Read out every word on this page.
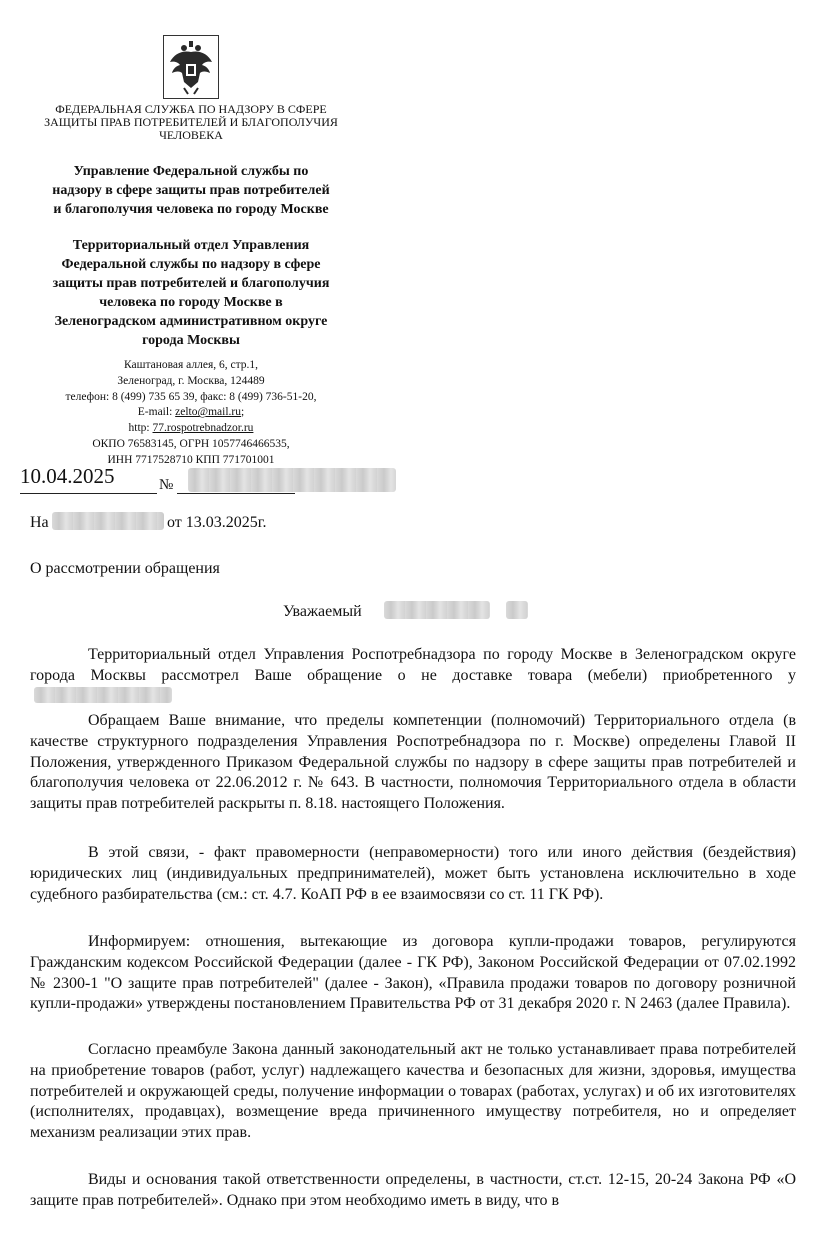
ФЕДЕРАЛЬНАЯ СЛУЖБА ПО НАДЗОРУ В СФЕРЕ
ЗАЩИТЫ ПРАВ ПОТРЕБИТЕЛЕЙ И БЛАГОПОЛУЧИЯ
ЧЕЛОВЕКА
Управление Федеральной службы по
надзору в сфере защиты прав потребителей
и благополучия человека по городу Москве
Территориальный отдел Управления
Федеральной службы по надзору в сфере
защиты прав потребителей и благополучия
человека по городу Москве в
Зеленоградском административном округе
города Москвы
Каштановая аллея, 6, стр.1,
Зеленоград, г. Москва, 124489
телефон: 8 (499) 735 65 39, факс: 8 (499) 736-51-20,
E-mail: zelto@mail.ru;
http: 77.rospotrebnadzor.ru
ОКПО 76583145, ОГРН 1057746466535,
ИНН 7717528710 КПП 771701001
10.04.2025	№
На	от 13.03.2025г.
О рассмотрении обращения
Уважаемый
Территориальный отдел Управления Роспотребнадзора по городу Москве в Зеленоградском округе города Москвы рассмотрел Ваше обращение о не доставке товара (мебели) приобретенного у
Обращаем Ваше внимание, что пределы компетенции (полномочий) Территориального отдела (в качестве структурного подразделения Управления Роспотребнадзора по г. Москве) определены Главой II Положения, утвержденного Приказом Федеральной службы по надзору в сфере защиты прав потребителей и благополучия человека от 22.06.2012 г. № 643. В частности, полномочия Территориального отдела в области защиты прав потребителей раскрыты п. 8.18. настоящего Положения.
В этой связи, - факт правомерности (неправомерности) того или иного действия (бездействия) юридических лиц (индивидуальных предпринимателей), может быть установлена исключительно в ходе судебного разбирательства (см.: ст. 4.7. КоАП РФ в ее взаимосвязи со ст. 11 ГК РФ).
Информируем: отношения, вытекающие из договора купли-продажи товаров, регулируются Гражданским кодексом Российской Федерации (далее - ГК РФ), Законом Российской Федерации от 07.02.1992 № 2300-1 "О защите прав потребителей" (далее - Закон), «Правила продажи товаров по договору розничной купли-продажи» утверждены постановлением Правительства РФ от 31 декабря 2020 г. N 2463 (далее Правила).
Согласно преамбуле Закона данный законодательный акт не только устанавливает права потребителей на приобретение товаров (работ, услуг) надлежащего качества и безопасных для жизни, здоровья, имущества потребителей и окружающей среды, получение информации о товарах (работах, услугах) и об их изготовителях (исполнителях, продавцах), возмещение вреда причиненного имуществу потребителя, но и определяет механизм реализации этих прав.
Виды и основания такой ответственности определены, в частности, ст.ст. 12-15, 20-24 Закона РФ «О защите прав потребителей». Однако при этом необходимо иметь в виду, что в
